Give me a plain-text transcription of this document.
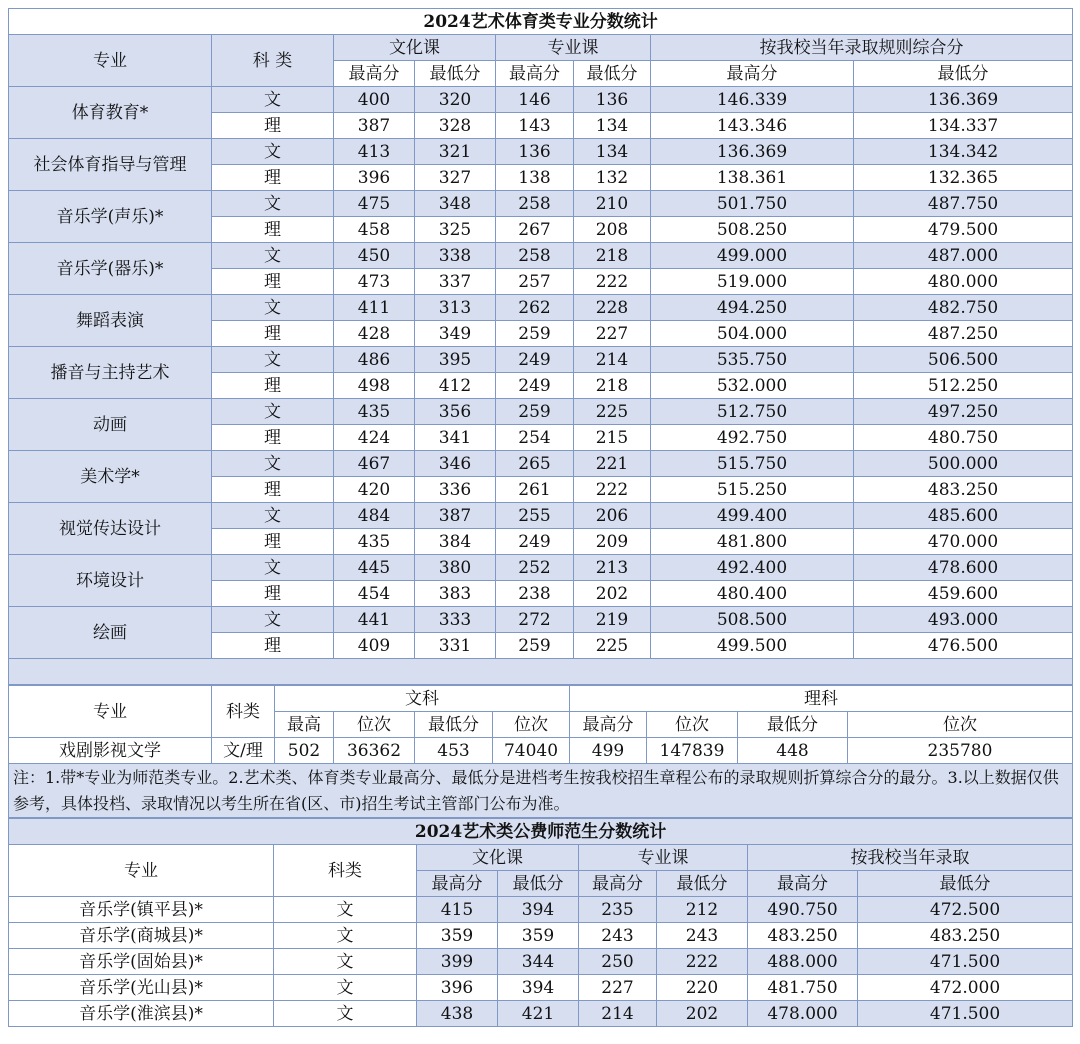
2024艺术体育类专业分数统计							
专业	科 类	文化课		专业课		按我校当年录取规则综合分	
		最高分	最低分	最高分	最低分	最高分	最低分
体育教育*	文	400	320	146	136	146.339	136.369
	理	387	328	143	134	143.346	134.337
社会体育指导与管理	文	413	321	136	134	136.369	134.342
	理	396	327	138	132	138.361	132.365
音乐学(声乐)*	文	475	348	258	210	501.750	487.750
	理	458	325	267	208	508.250	479.500
音乐学(器乐)*	文	450	338	258	218	499.000	487.000
	理	473	337	257	222	519.000	480.000
舞蹈表演	文	411	313	262	228	494.250	482.750
	理	428	349	259	227	504.000	487.250
播音与主持艺术	文	486	395	249	214	535.750	506.500
	理	498	412	249	218	532.000	512.250
动画	文	435	356	259	225	512.750	497.250
	理	424	341	254	215	492.750	480.750
美术学*	文	467	346	265	221	515.750	500.000
	理	420	336	261	222	515.250	483.250
视觉传达设计	文	484	387	255	206	499.400	485.600
	理	435	384	249	209	481.800	470.000
环境设计	文	445	380	252	213	492.400	478.600
	理	454	383	238	202	480.400	459.600
绘画	文	441	333	272	219	508.500	493.000
	理	409	331	259	225	499.500	476.500

专业	科类	文科				理科			
		最高	位次	最低分	位次	最高分	位次	最低分	位次
戏剧影视文学	文/理	502	36362	453	74040	499	147839	448	235780
注：1.带*专业为师范类专业。2.艺术类、体育类专业最高分、最低分是进档考生按我校招生章程公布的录取规则折算综合分的最分。3.以上数据仅供参考，具体投档、录取情况以考生所在省(区、市)招生考试主管部门公布为准。									
2024艺术类公费师范生分数统计							
专业	科类	文化课		专业课		按我校当年录取	
		最高分	最低分	最高分	最低分	最高分	最低分
音乐学(镇平县)*	文	415	394	235	212	490.750	472.500
音乐学(商城县)*	文	359	359	243	243	483.250	483.250
音乐学(固始县)*	文	399	344	250	222	488.000	471.500
音乐学(光山县)*	文	396	394	227	220	481.750	472.000
音乐学(淮滨县)*	文	438	421	214	202	478.000	471.500
